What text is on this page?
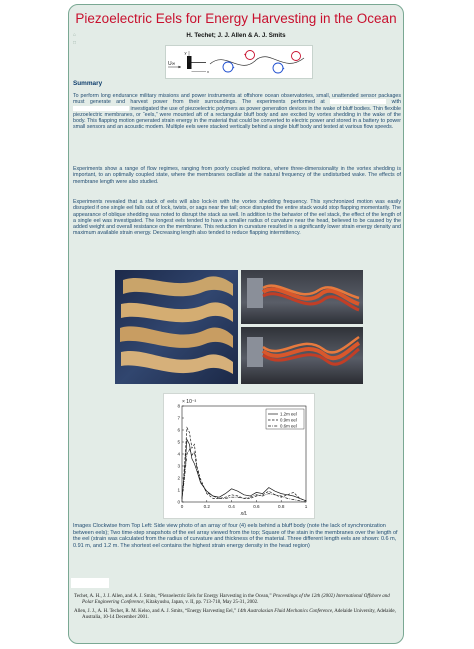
Piezoelectric Eels for Energy Harvesting in the Ocean
H. Techet; J. J. Allen & A. J. Smits
⌂
□
U∞
y
x
Summary
To perform long endurance military missions and power instruments at offshore ocean observatories, small, unattended sensor packages must generate and harvest power from their surroundings. The experiments performed at	with  investigated the use of piezoelectric polymers as power generation devices in the wake of bluff bodies. Thin flexible piezoelectric membranes, or “eels,” were mounted aft of a rectangular bluff body and are excited by vortex shedding in the wake of the body. This flapping motion generated strain energy in the material that could be converted to electric power and stored in a battery to power small sensors and an acoustic modem. Multiple eels were stacked vertically behind a single bluff body and tested at various flow speeds.
Experiments show a range of flow regimes, ranging from poorly coupled motions, where three-dimensionality in the vortex shedding is important, to an optimally coupled state, where the membranes oscillate at the natural frequency of the undisturbed wake. The effects of membrane length were also studied.
Experiments revealed that a stack of eels will also lock-in with the vortex shedding frequency. This synchronized motion was easily disrupted if one single eel falls out of lock, twists, or sags near the tail; once disrupted the entire stack would stop flapping momentarily. The appearance of oblique shedding was noted to disrupt the stack as well. In addition to the behavior of the eel stack, the effect of the length of a single eel was investigated. The longest eels tended to have a smaller radius of curvature near the head, believed to be caused by the added weight and overall resistance on the membrane. This reduction in curvature resulted in a significantly lower strain energy density and maximum available strain energy. Decreasing length also tended to reduce flapping intermittency.
× 10⁻³
0	0.2	0.4	0.6	0.8	1
0
1
2
3
4
5
6
7
8
x/L
1.2m eel
0.9m eel
0.6m eel
Images Clockwise from Top Left: Side view photo of an array of four (4) eels behind a bluff body (note the lack of synchronization between eels); Two time-step snapshots of the eel array viewed from the top; Square of the stain in the membranes over the length of the eel (strain was calculated from the radius of curvature and thickness of the material. Three different length eels are shown: 0.6 m, 0.91 m, and 1.2 m. The shortest eel contains the highest strain energy density in the head region)

Techet, A. H., J. J. Allen, and A. J. Smits, “Piezoelectric Eels for Energy Harvesting in the Ocean,” Proceedings of the 12th (2002) International Offshore and Polar Engineering Conference, Kitakyushu, Japan, v. II, pp. 713-718, May 25-31, 2002.

Allen, J. J., A. H. Techet, R. M. Kelso, and A. J. Smits, “Energy Harvesting Eel,” 14th Australasian Fluid Mechanics Conference, Adelaide University, Adelaide, Australia, 10-14 December 2001.
